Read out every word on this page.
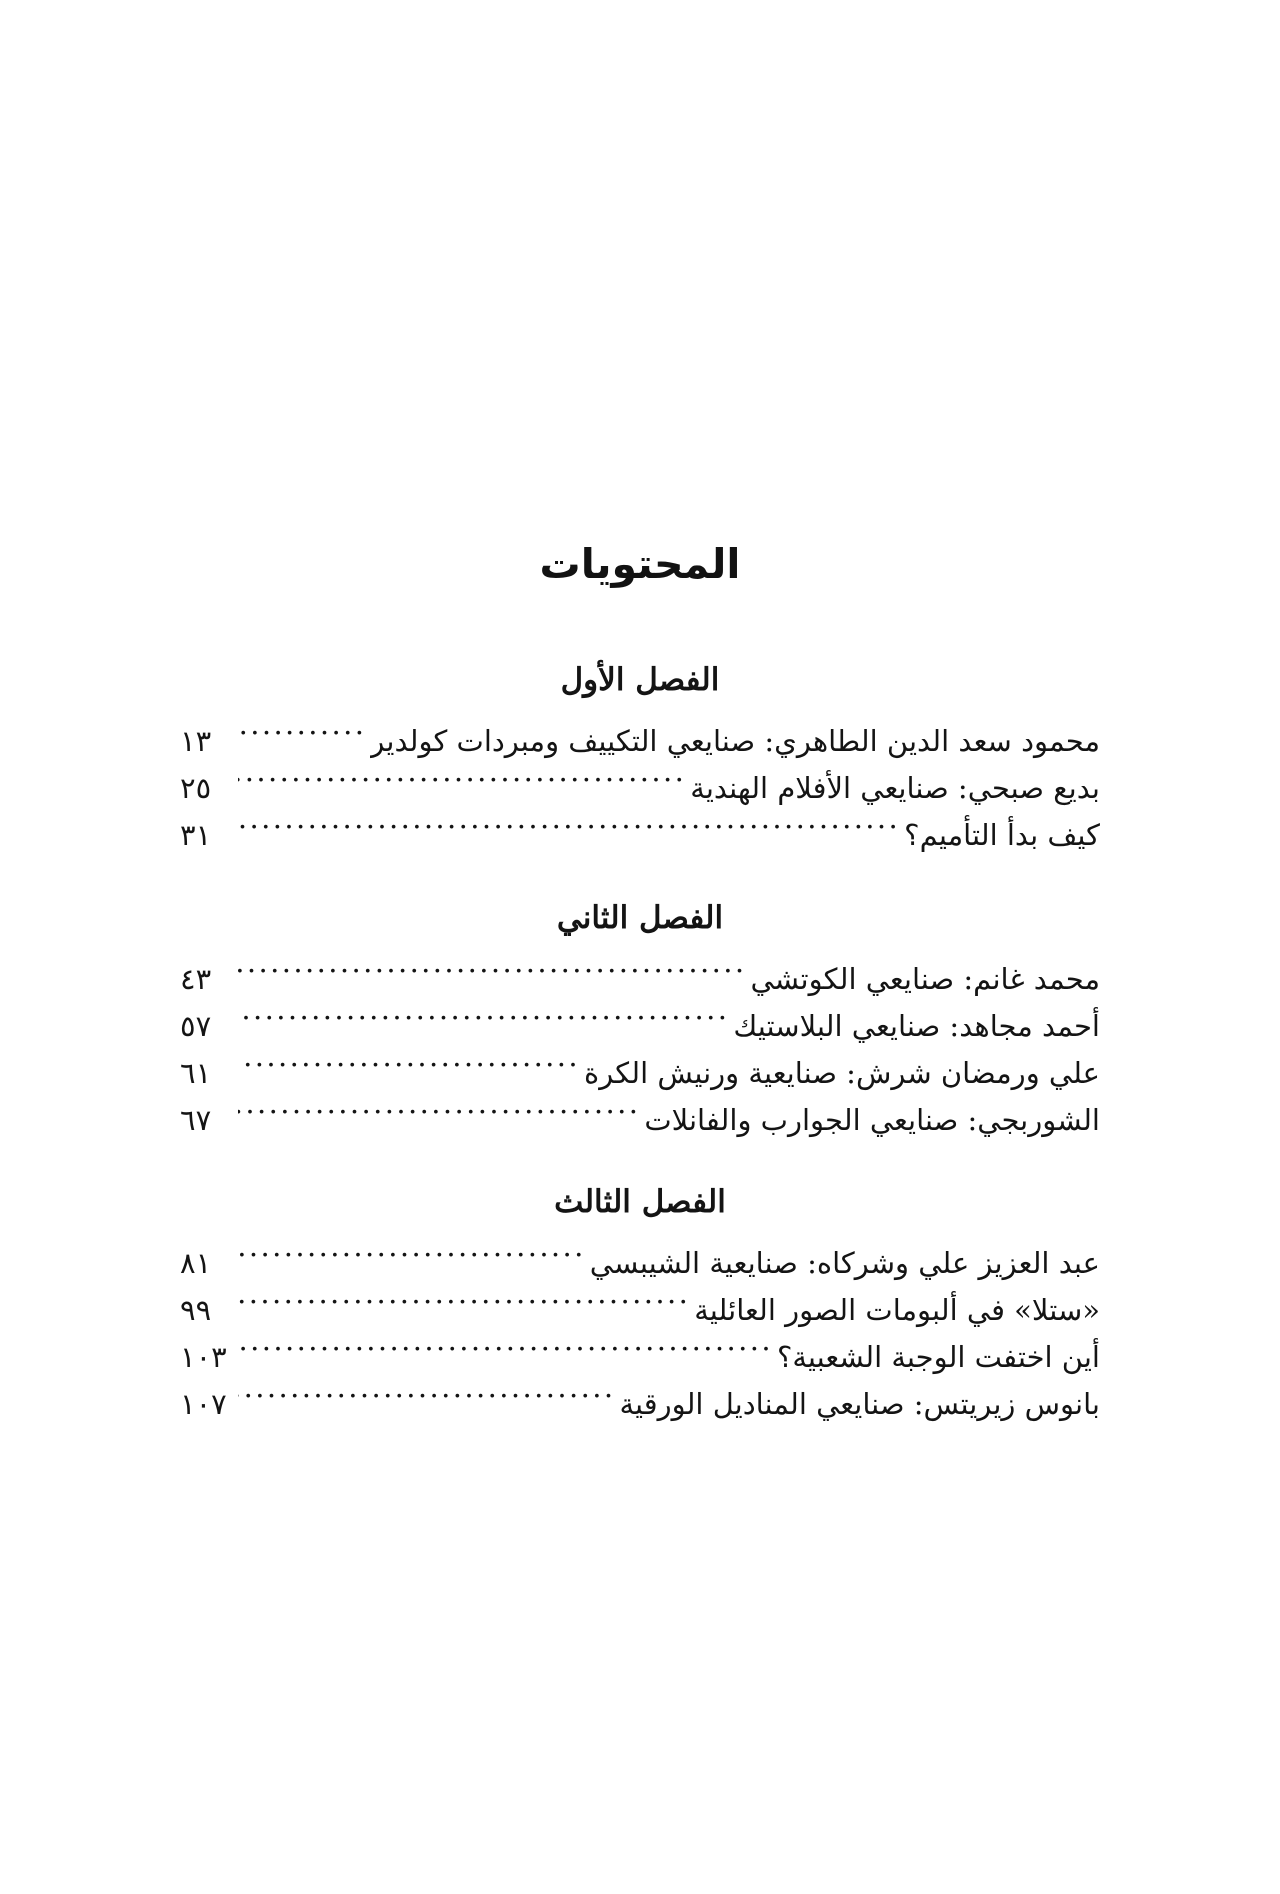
المحتويات
الفصل الأول
محمود سعد الدين الطاهري: صنايعي التكييف ومبردات كولدير
.....
١٣
بديع صبحي: صنايعي الأفلام الهندية
.....
٢٥
كيف بدأ التأميم؟
.....
٣١
الفصل الثاني
محمد غانم: صنايعي الكوتشي
.....
٤٣
أحمد مجاهد: صنايعي البلاستيك
.....
٥٧
علي ورمضان شرش: صنايعية ورنيش الكرة
.....
٦١
الشوربجي: صنايعي الجوارب والفانلات
.....
٦٧
الفصل الثالث
عبد العزيز علي وشركاه: صنايعية الشيبسي
.....
٨١
«ستلا» في ألبومات الصور العائلية
.....
٩٩
أين اختفت الوجبة الشعبية؟
.....
١٠٣
بانوس زيريتس: صنايعي المناديل الورقية
.....
١٠٧
